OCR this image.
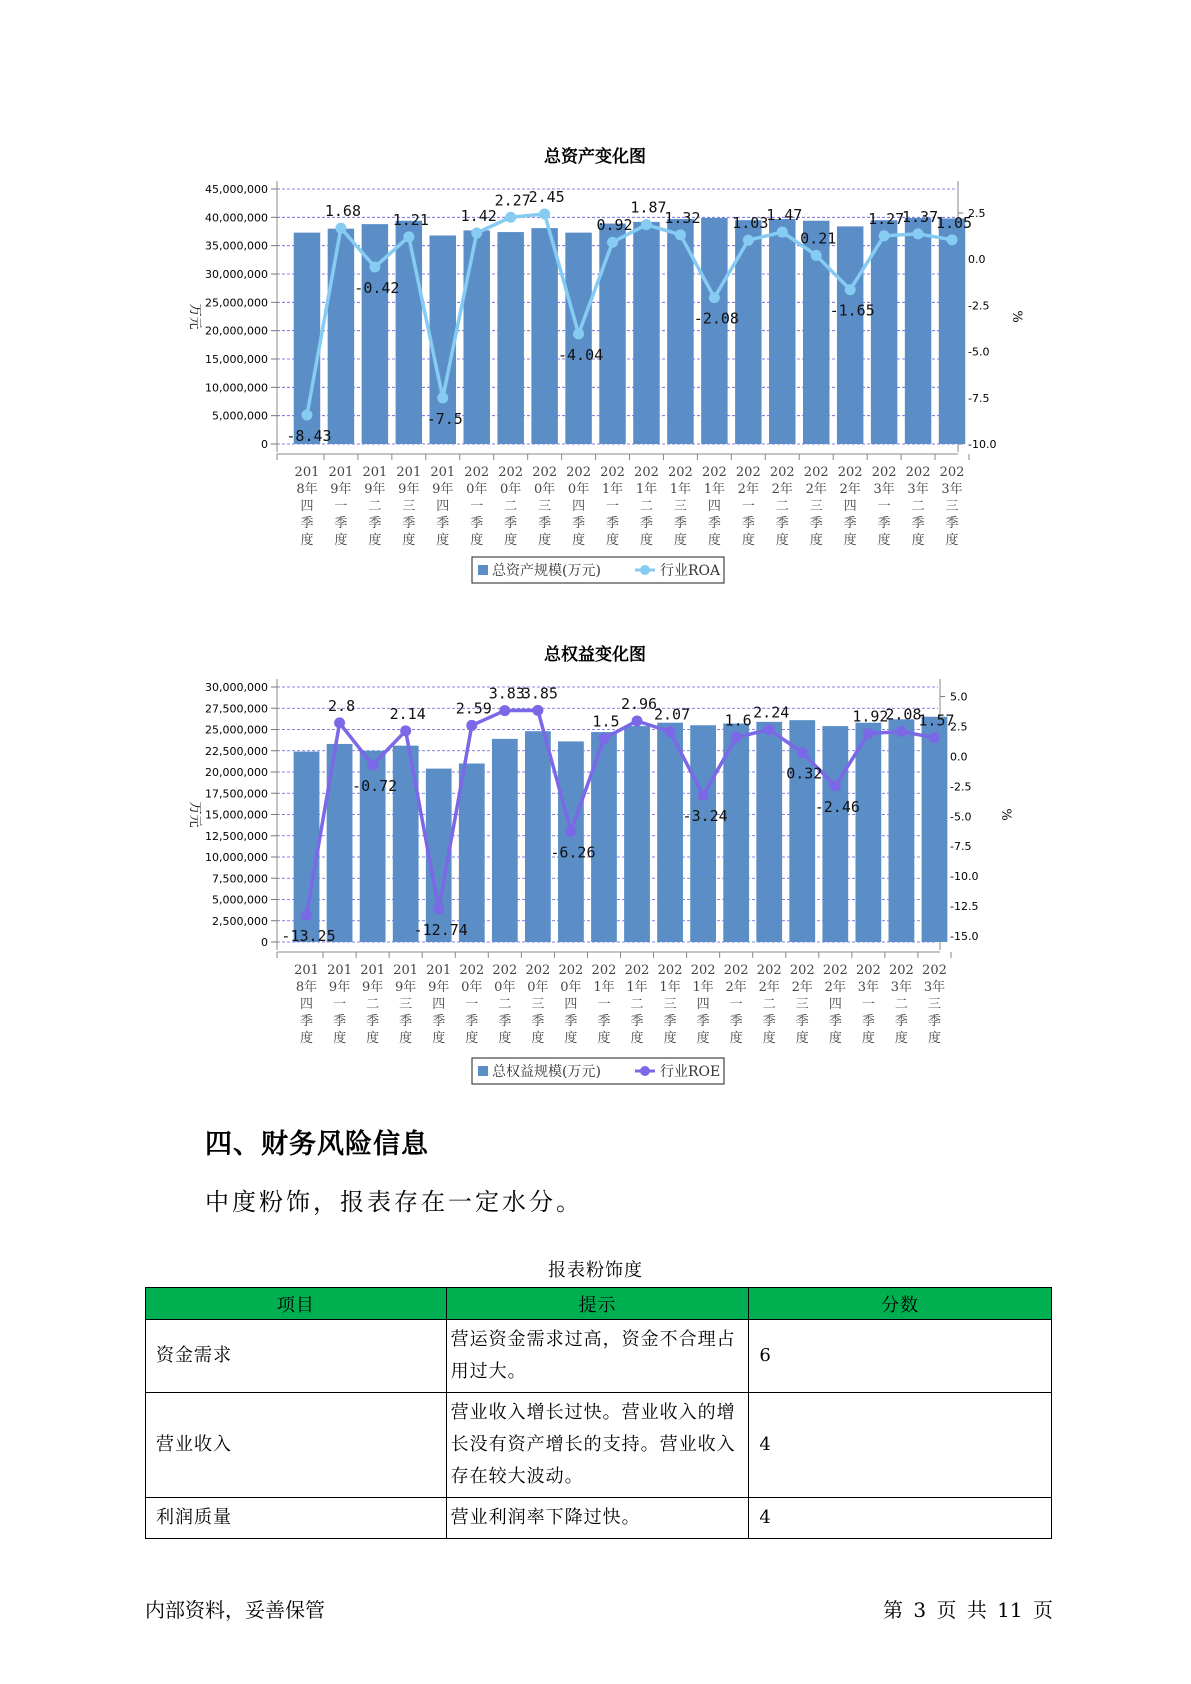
总资产变化图
0
5,000,000
10,000,000
15,000,000
20,000,000
25,000,000
30,000,000
35,000,000
40,000,000
45,000,000
-10.0
-7.5
-5.0
-2.5
0.0
2.5
万元	%
-8.43
1.68
-0.42
1.21
-7.5
1.42
2.27
2.45
-4.04
0.92
1.87
1.32
-2.08
1.03
1.47
0.21
-1.65
1.27
1.37
1.05
201 8年四季度
201 9年一季度
201 9年二季度
201 9年三季度
201 9年四季度
202 0年一季度
202 0年二季度
202 0年三季度
202 0年四季度
202 1年一季度
202 1年二季度
202 1年三季度
202 1年四季度
202 2年一季度
202 2年二季度
202 2年三季度
202 2年四季度
202 3年一季度
202 3年二季度
202 3年三季度
总资产规模(万元)	行业ROA
总权益变化图
0
2,500,000
5,000,000
7,500,000
10,000,000
12,500,000
15,000,000
17,500,000
20,000,000
22,500,000
25,000,000
27,500,000
30,000,000
-15.0
-12.5
-10.0
-7.5
-5.0
-2.5
0.0
2.5
5.0
万元	%
-13.25
2.8
-0.72
2.14
-12.74
2.59
3.83
3.85
-6.26
1.5
2.96
2.07
-3.24
1.6 2.24
0.32
-2.46
1.92
2.08
1.57
201 8年四季度
201 9年一季度
201 9年二季度
201 9年三季度
201 9年四季度
202 0年一季度
202 0年二季度
202 0年三季度
202 0年四季度
202 1年一季度
202 1年二季度
202 1年三季度
202 1年四季度
202 2年一季度
202 2年二季度
202 2年三季度
202 2年四季度
202 3年一季度
202 3年二季度
202 3年三季度
总权益规模(万元)	行业ROE
四、财务风险信息

中度粉饰，报表存在一定水分。

报表粉饰度
项目	提示	分数
资金需求	营运资金需求过高，资金不合理占用过大。	6
营业收入	营业收入增长过快。营业收入的增长没有资产增长的支持。营业收入存在较大波动。	4
利润质量	营业利润率下降过快。	4
内部资料，妥善保管	第 3 页 共 11 页
